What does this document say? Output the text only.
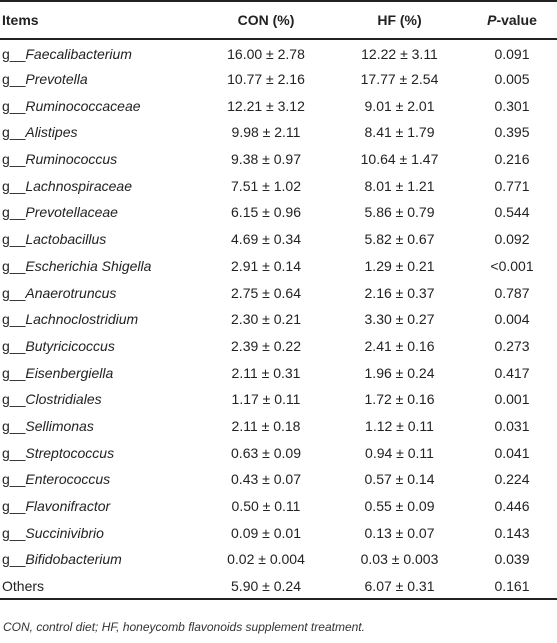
Items	CON (%)	HF (%)	P-value
g__Faecalibacterium	16.00 ± 2.78	12.22 ± 3.11	0.091
g__Prevotella	10.77 ± 2.16	17.77 ± 2.54	0.005
g__Ruminococcaceae	12.21 ± 3.12	9.01 ± 2.01	0.301
g__Alistipes	9.98 ± 2.11	8.41 ± 1.79	0.395
g__Ruminococcus	9.38 ± 0.97	10.64 ± 1.47	0.216
g__Lachnospiraceae	7.51 ± 1.02	8.01 ± 1.21	0.771
g__Prevotellaceae	6.15 ± 0.96	5.86 ± 0.79	0.544
g__Lactobacillus	4.69 ± 0.34	5.82 ± 0.67	0.092
g__Escherichia Shigella	2.91 ± 0.14	1.29 ± 0.21	<0.001
g__Anaerotruncus	2.75 ± 0.64	2.16 ± 0.37	0.787
g__Lachnoclostridium	2.30 ± 0.21	3.30 ± 0.27	0.004
g__Butyricicoccus	2.39 ± 0.22	2.41 ± 0.16	0.273
g__Eisenbergiella	2.11 ± 0.31	1.96 ± 0.24	0.417
g__Clostridiales	1.17 ± 0.11	1.72 ± 0.16	0.001
g__Sellimonas	2.11 ± 0.18	1.12 ± 0.11	0.031
g__Streptococcus	0.63 ± 0.09	0.94 ± 0.11	0.041
g__Enterococcus	0.43 ± 0.07	0.57 ± 0.14	0.224
g__Flavonifractor	0.50 ± 0.11	0.55 ± 0.09	0.446
g__Succinivibrio	0.09 ± 0.01	0.13 ± 0.07	0.143
g__Bifidobacterium	0.02 ± 0.004	0.03 ± 0.003	0.039
Others	5.90 ± 0.24	6.07 ± 0.31	0.161
CON, control diet; HF, honeycomb flavonoids supplement treatment.
